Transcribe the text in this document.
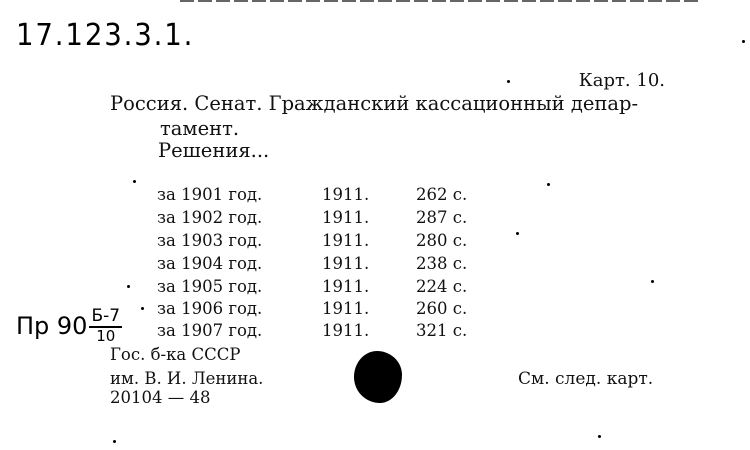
17.123.3.1.
Карт. 10.
Россия. Сенат. Гражданский кассационный депар-
тамент.
Решения...
за 1901 год.	1911.	262 с.
за 1902 год.	1911.	287 с.
за 1903 год.	1911.	280 с.
за 1904 год.	1911.	238 с.
за 1905 год.	1911.	224 с.
за 1906 год.	1911.	260 с.
за 1907 год.	1911.	321 с.
Пр $90 \frac{Б-7}{10}$
Гос. б-ка СССР
им. В. И. Ленина.
20104 — 48
См. след. карт.
